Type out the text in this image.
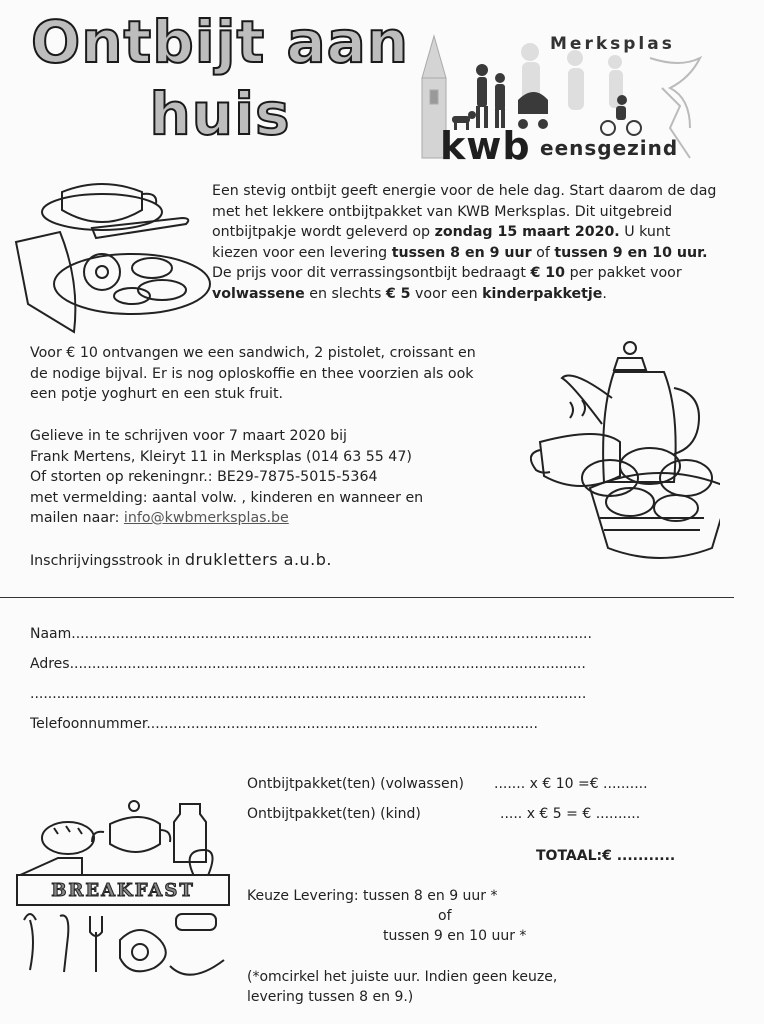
Ontbijt aan
huis
Merksplas
kwb eensgezind
Een stevig ontbijt geeft energie voor de hele dag. Start daarom de dag met het lekkere ontbijtpakket van KWB Merksplas. Dit uitgebreid ontbijtpakje wordt geleverd op zondag 15 maart 2020. U kunt kiezen voor een levering tussen 8 en 9 uur of tussen 9 en 10 uur. De prijs voor dit verrassingsontbijt bedraagt € 10 per pakket voor volwassene en slechts € 5 voor een kinderpakketje.
Voor € 10 ontvangen we een sandwich, 2 pistolet, croissant en de nodige bijval. Er is nog oploskoffie en thee voorzien als ook een potje yoghurt en een stuk fruit.
Gelieve in te schrijven voor 7 maart 2020 bij
Frank Mertens, Kleiryt 11 in Merksplas (014 63 55 47)
Of storten op rekeningnr.: BE29-7875-5015-5364
met vermelding: aantal volw. , kinderen en wanneer en
mailen naar: info@kwbmerksplas.be
Inschrijvingsstrook in drukletters a.u.b.
Naam.....................................................................................................................
Adres....................................................................................................................
.............................................................................................................................
Telefoonnummer........................................................................................
Ontbijtpakket(ten) (volwassen) ....... x € 10 =€ ..........
Ontbijtpakket(ten) (kind)	..... x € 5 = € ..........
TOTAAL:€ ...........
Keuze Levering: tussen 8 en 9 uur *
of
tussen 9 en 10 uur *
(*omcirkel het juiste uur. Indien geen keuze,
levering tussen 8 en 9.)
BREAKFAST
